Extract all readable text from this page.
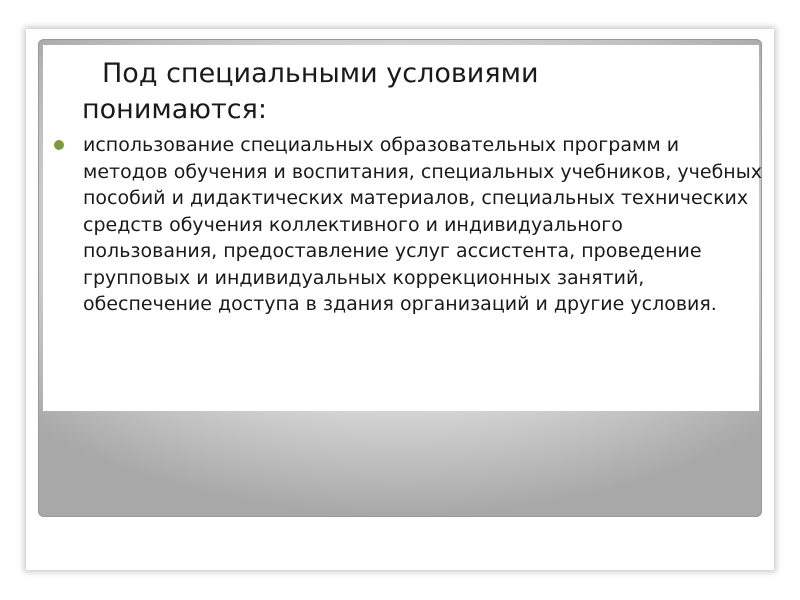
Под специальными условиями понимаются:

использование специальных образовательных программ и методов обучения и воспитания, специальных учебников, учебных пособий и дидактических материалов, специальных технических средств обучения коллективного и индивидуального пользования, предоставление услуг ассистента, проведение групповых и индивидуальных коррекционных занятий, обеспечение доступа в здания организаций и другие условия.
